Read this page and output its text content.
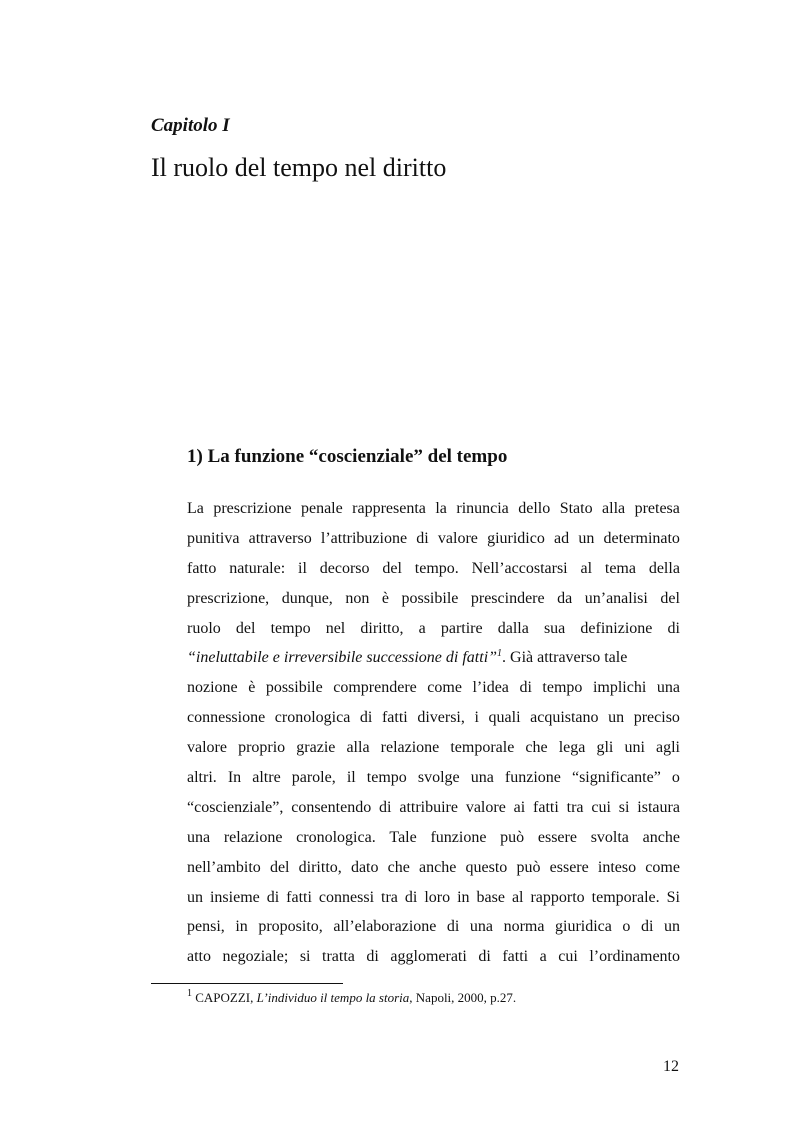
Capitolo I
Il ruolo del tempo nel diritto
1) La funzione “coscienziale” del tempo
La prescrizione penale rappresenta la rinuncia dello Stato alla pretesa
punitiva attraverso l’attribuzione di valore giuridico ad un determinato
fatto naturale: il decorso del tempo. Nell’accostarsi al tema della
prescrizione, dunque, non è possibile prescindere da un’analisi del
ruolo del tempo nel diritto, a partire dalla sua definizione di
“ineluttabile e irreversibile successione di fatti”$^1$. Già attraverso tale
nozione è possibile comprendere come l’idea di tempo implichi una
connessione cronologica di fatti diversi, i quali acquistano un preciso
valore proprio grazie alla relazione temporale che lega gli uni agli
altri. In altre parole, il tempo svolge una funzione “significante” o
“coscienziale”, consentendo di attribuire valore ai fatti tra cui si istaura
una relazione cronologica. Tale funzione può essere svolta anche
nell’ambito del diritto, dato che anche questo può essere inteso come
un insieme di fatti connessi tra di loro in base al rapporto temporale. Si
pensi, in proposito, all’elaborazione di una norma giuridica o di un
atto negoziale; si tratta di agglomerati di fatti a cui l’ordinamento
$^1$ CAPOZZI, L’individuo il tempo la storia, Napoli, 2000, p.27.
12
